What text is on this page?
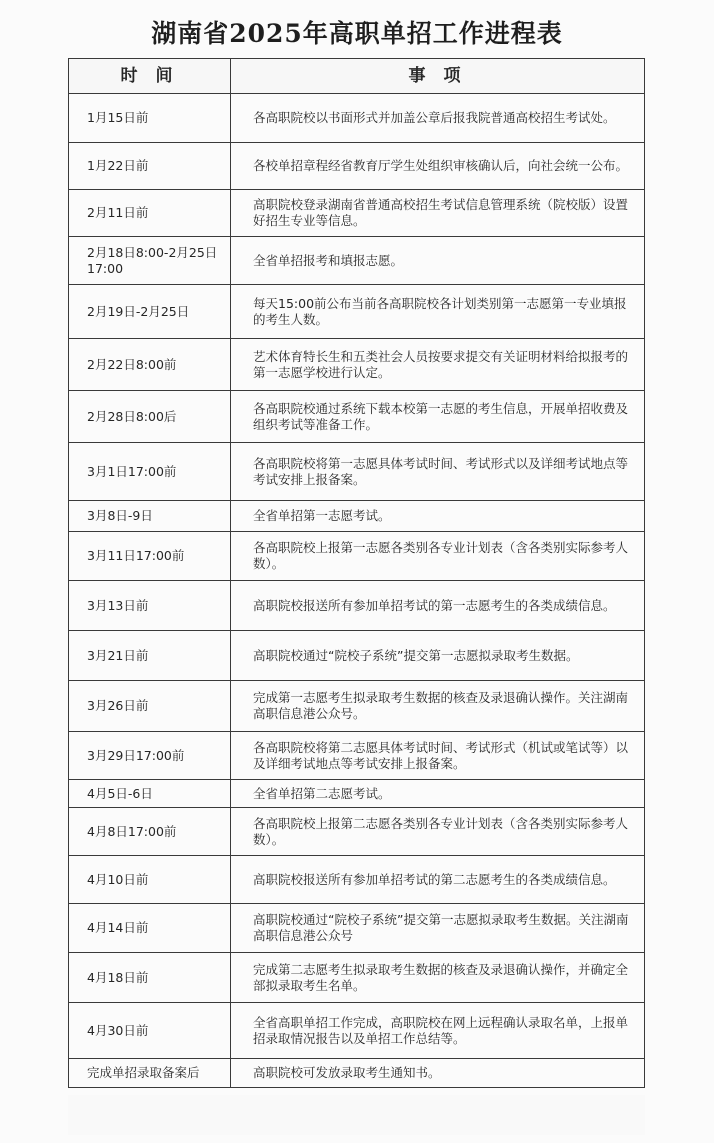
湖南省2025年高职单招工作进程表
时 间	事 项
1月15日前	各高职院校以书面形式并加盖公章后报我院普通高校招生考试处。
1月22日前	各校单招章程经省教育厅学生处组织审核确认后，向社会统一公布。
2月11日前	高职院校登录湖南省普通高校招生考试信息管理系统（院校版）设置好招生专业等信息。
2月18日8:00-2月25日17:00	全省单招报考和填报志愿。
2月19日-2月25日	每天15:00前公布当前各高职院校各计划类别第一志愿第一专业填报的考生人数。
2月22日8:00前	艺术体育特长生和五类社会人员按要求提交有关证明材料给拟报考的第一志愿学校进行认定。
2月28日8:00后	各高职院校通过系统下载本校第一志愿的考生信息，开展单招收费及组织考试等准备工作。
3月1日17:00前	各高职院校将第一志愿具体考试时间、考试形式以及详细考试地点等考试安排上报备案。
3月8日-9日	全省单招第一志愿考试。
3月11日17:00前	各高职院校上报第一志愿各类别各专业计划表（含各类别实际参考人数）。
3月13日前	高职院校报送所有参加单招考试的第一志愿考生的各类成绩信息。
3月21日前	高职院校通过“院校子系统”提交第一志愿拟录取考生数据。
3月26日前	完成第一志愿考生拟录取考生数据的核查及录退确认操作。关注湖南高职信息港公众号。
3月29日17:00前	各高职院校将第二志愿具体考试时间、考试形式（机试或笔试等）以及详细考试地点等考试安排上报备案。
4月5日-6日	全省单招第二志愿考试。
4月8日17:00前	各高职院校上报第二志愿各类别各专业计划表（含各类别实际参考人数）。
4月10日前	高职院校报送所有参加单招考试的第二志愿考生的各类成绩信息。
4月14日前	高职院校通过“院校子系统”提交第一志愿拟录取考生数据。关注湖南高职信息港公众号
4月18日前	完成第二志愿考生拟录取考生数据的核查及录退确认操作，并确定全部拟录取考生名单。
4月30日前	全省高职单招工作完成，高职院校在网上远程确认录取名单，上报单招录取情况报告以及单招工作总结等。
完成单招录取备案后	高职院校可发放录取考生通知书。
